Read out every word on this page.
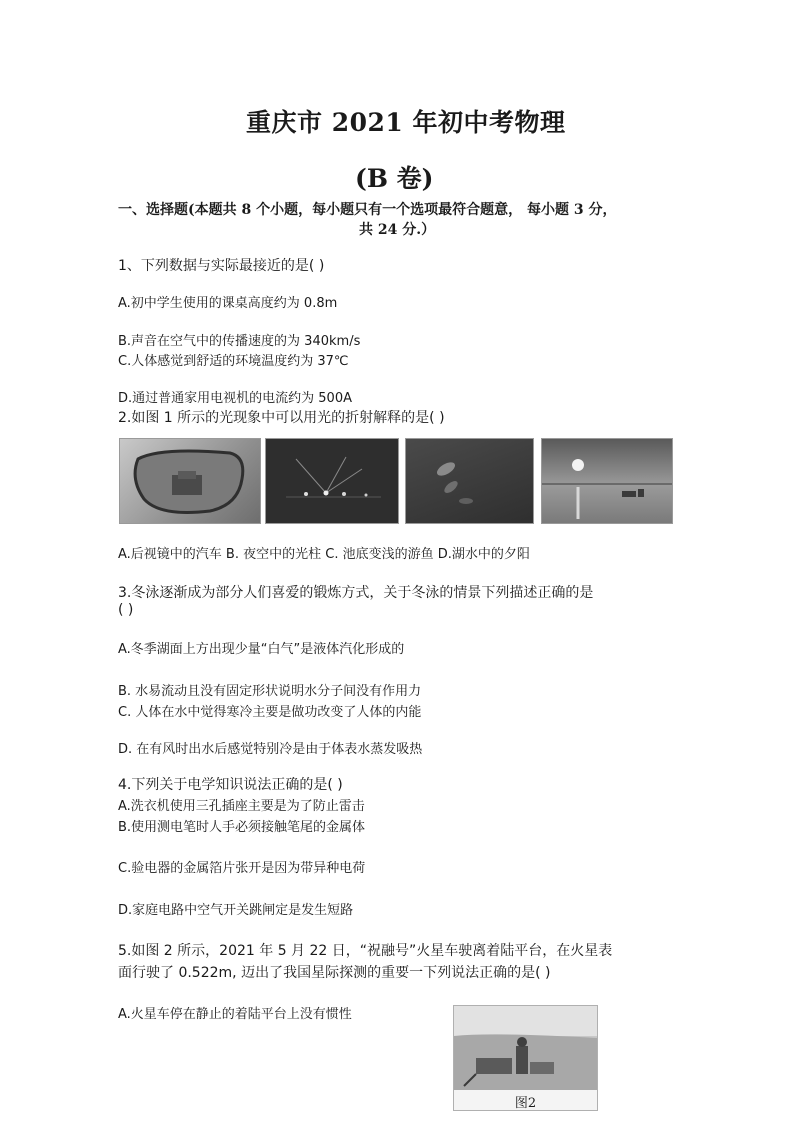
重庆市 2021 年初中考物理
(B 卷)
一、选择题(本题共 8 个小题，每小题只有一个选项最符合题意， 每小题 3 分，
共 24 分.）
1、下列数据与实际最接近的是( )
A.初中学生使用的课桌高度约为 0.8m
B.声音在空气中的传播速度的为 340km/s
C.人体感觉到舒适的环境温度约为 37℃
D.通过普通家用电视机的电流约为 500A
2.如图 1 所示的光现象中可以用光的折射解释的是( )
A.后视镜中的汽车 B. 夜空中的光柱 C. 池底变浅的游鱼 D.湖水中的夕阳
3.冬泳逐渐成为部分人们喜爱的锻炼方式，关于冬泳的情景下列描述正确的是
( )
A.冬季湖面上方出现少量“白气”是液体汽化形成的
B. 水易流动且没有固定形状说明水分子间没有作用力
C. 人体在水中觉得寒冷主要是做功改变了人体的内能
D. 在有风时出水后感觉特别冷是由于体表水蒸发吸热
4.下列关于电学知识说法正确的是( )
A.洗衣机使用三孔插座主要是为了防止雷击
B.使用测电笔时人手必须接触笔尾的金属体
C.验电器的金属箔片张开是因为带异种电荷
D.家庭电路中空气开关跳闸定是发生短路
5.如图 2 所示，2021 年 5 月 22 日，“祝融号”火星车驶离着陆平台，在火星表
面行驶了 0.522m, 迈出了我国星际探测的重要一下列说法正确的是( )
A.火星车停在静止的着陆平台上没有惯性
图2
